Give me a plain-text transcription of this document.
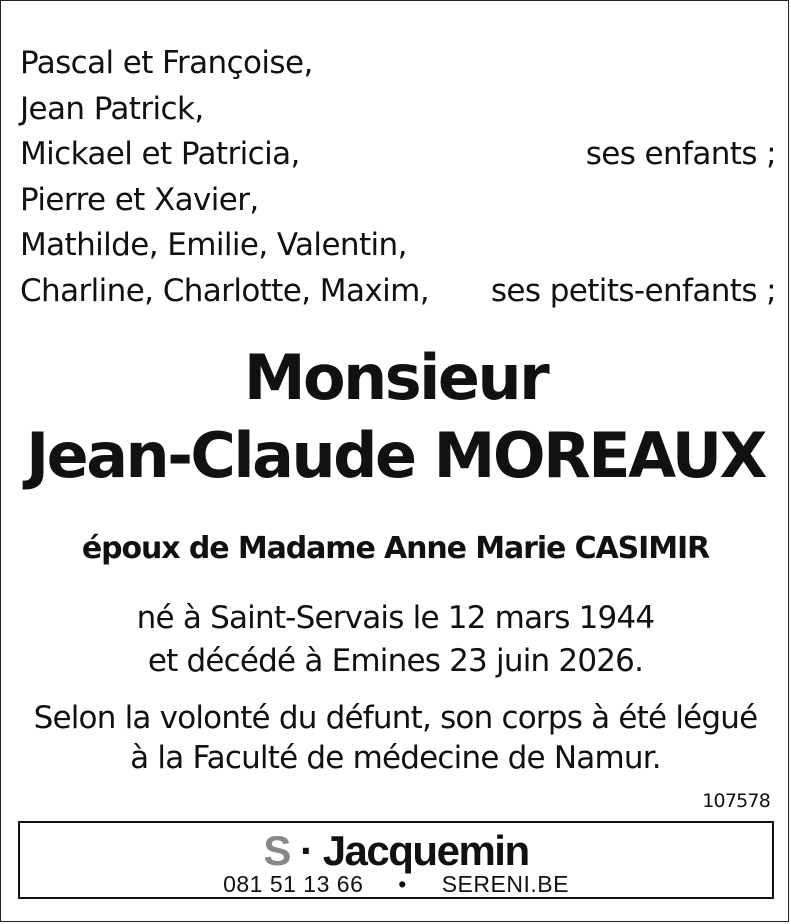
Pascal et Françoise,
Jean Patrick,
Mickael et Patricia,	ses enfants ;
Pierre et Xavier,
Mathilde, Emilie, Valentin,
Charline, Charlotte, Maxim, ses petits-enfants ;
Monsieur
Jean-Claude MOREAUX
époux de Madame Anne Marie CASIMIR
né à Saint-Servais le 12 mars 1944
et décédé à Emines 23 juin 2026.
Selon la volonté du défunt, son corps à été légué
à la Faculté de médecine de Namur.
107578
S · Jacquemin
081 51 13 66 • SERENI.BE
